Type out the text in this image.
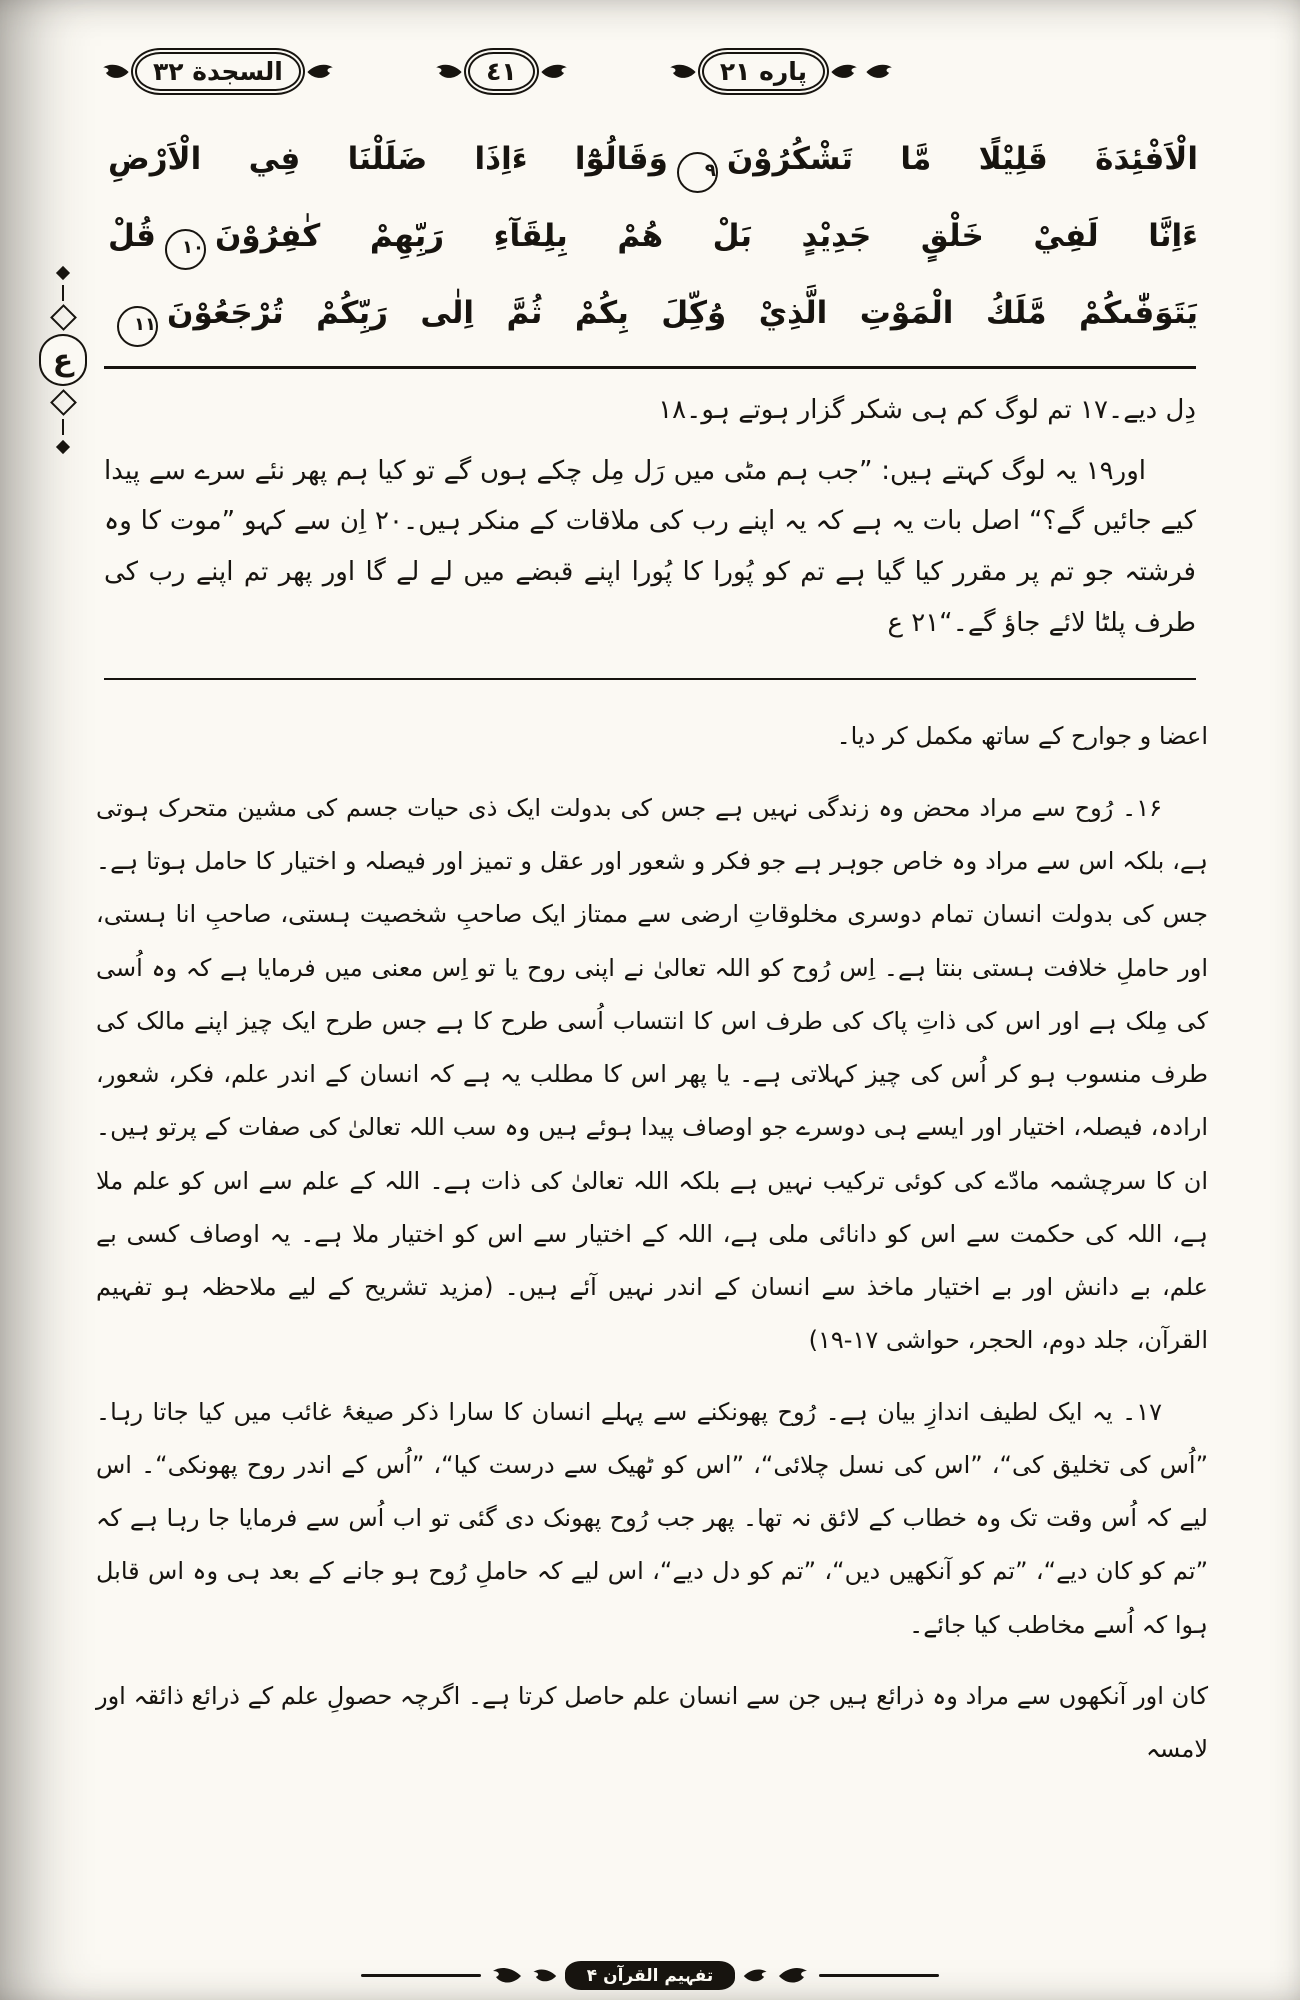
السجدة ٣٢	٤١	پاره ٢١
ع

الْاَفْئِدَةَ قَلِيْلًا مَّا تَشْكُرُوْنَ٩وَقَالُوْٓا ءَاِذَا ضَلَلْنَا فِي الْاَرْضِ

ءَاِنَّا لَفِيْ خَلْقٍ جَدِيْدٍ بَلْ هُمْ بِلِقَآءِ رَبِّهِمْ كٰفِرُوْنَ١٠قُلْ

يَتَوَفّٰىكُمْ مَّلَكُ الْمَوْتِ الَّذِيْ وُكِّلَ بِكُمْ ثُمَّ اِلٰى رَبِّكُمْ تُرْجَعُوْنَ١١

دِل دیے۔۱۷ تم لوگ کم ہی شکر گزار ہوتے ہو۔۱۸

اور۱۹ یہ لوگ کہتے ہیں: ”جب ہم مٹی میں رَل مِل چکے ہوں گے تو کیا ہم پھر نئے سرے سے پیدا کیے جائیں گے؟“ اصل بات یہ ہے کہ یہ اپنے رب کی ملاقات کے منکر ہیں۔۲۰ اِن سے کہو ”موت کا وہ فرشتہ جو تم پر مقرر کیا گیا ہے تم کو پُورا کا پُورا اپنے قبضے میں لے لے گا اور پھر تم اپنے رب کی طرف پلٹا لائے جاؤ گے۔“۲۱ ع

اعضا و جوارح کے ساتھ مکمل کر دیا۔

۱۶۔ رُوح سے مراد محض وہ زندگی نہیں ہے جس کی بدولت ایک ذی حیات جسم کی مشین متحرک ہوتی ہے، بلکہ اس سے مراد وہ خاص جوہر ہے جو فکر و شعور اور عقل و تمیز اور فیصلہ و اختیار کا حامل ہوتا ہے۔ جس کی بدولت انسان تمام دوسری مخلوقاتِ ارضی سے ممتاز ایک صاحبِ شخصیت ہستی، صاحبِ انا ہستی، اور حاملِ خلافت ہستی بنتا ہے۔ اِس رُوح کو اللہ تعالیٰ نے اپنی روح یا تو اِس معنی میں فرمایا ہے کہ وہ اُسی کی مِلک ہے اور اس کی ذاتِ پاک کی طرف اس کا انتساب اُسی طرح کا ہے جس طرح ایک چیز اپنے مالک کی طرف منسوب ہو کر اُس کی چیز کہلاتی ہے۔ یا پھر اس کا مطلب یہ ہے کہ انسان کے اندر علم، فکر، شعور، ارادہ، فیصلہ، اختیار اور ایسے ہی دوسرے جو اوصاف پیدا ہوئے ہیں وہ سب اللہ تعالیٰ کی صفات کے پرتو ہیں۔ ان کا سرچشمہ مادّے کی کوئی ترکیب نہیں ہے بلکہ اللہ تعالیٰ کی ذات ہے۔ اللہ کے علم سے اس کو علم ملا ہے، اللہ کی حکمت سے اس کو دانائی ملی ہے، اللہ کے اختیار سے اس کو اختیار ملا ہے۔ یہ اوصاف کسی بے علم، بے دانش اور بے اختیار ماخذ سے انسان کے اندر نہیں آئے ہیں۔ (مزید تشریح کے لیے ملاحظہ ہو تفہیم القرآن، جلد دوم، الحجر، حواشی ۱۷-۱۹)

۱۷۔ یہ ایک لطیف اندازِ بیان ہے۔ رُوح پھونکنے سے پہلے انسان کا سارا ذکر صیغۂ غائب میں کیا جاتا رہا۔ ”اُس کی تخلیق کی“، ”اس کی نسل چلائی“، ”اس کو ٹھیک سے درست کیا“، ”اُس کے اندر روح پھونکی“۔ اس لیے کہ اُس وقت تک وہ خطاب کے لائق نہ تھا۔ پھر جب رُوح پھونک دی گئی تو اب اُس سے فرمایا جا رہا ہے کہ ”تم کو کان دیے“، ”تم کو آنکھیں دیں“، ”تم کو دل دیے“، اس لیے کہ حاملِ رُوح ہو جانے کے بعد ہی وہ اس قابل ہوا کہ اُسے مخاطب کیا جائے۔

کان اور آنکھوں سے مراد وہ ذرائع ہیں جن سے انسان علم حاصل کرتا ہے۔ اگرچہ حصولِ علم کے ذرائع ذائقہ اور لامسہ

تفہیم القرآن ۴
